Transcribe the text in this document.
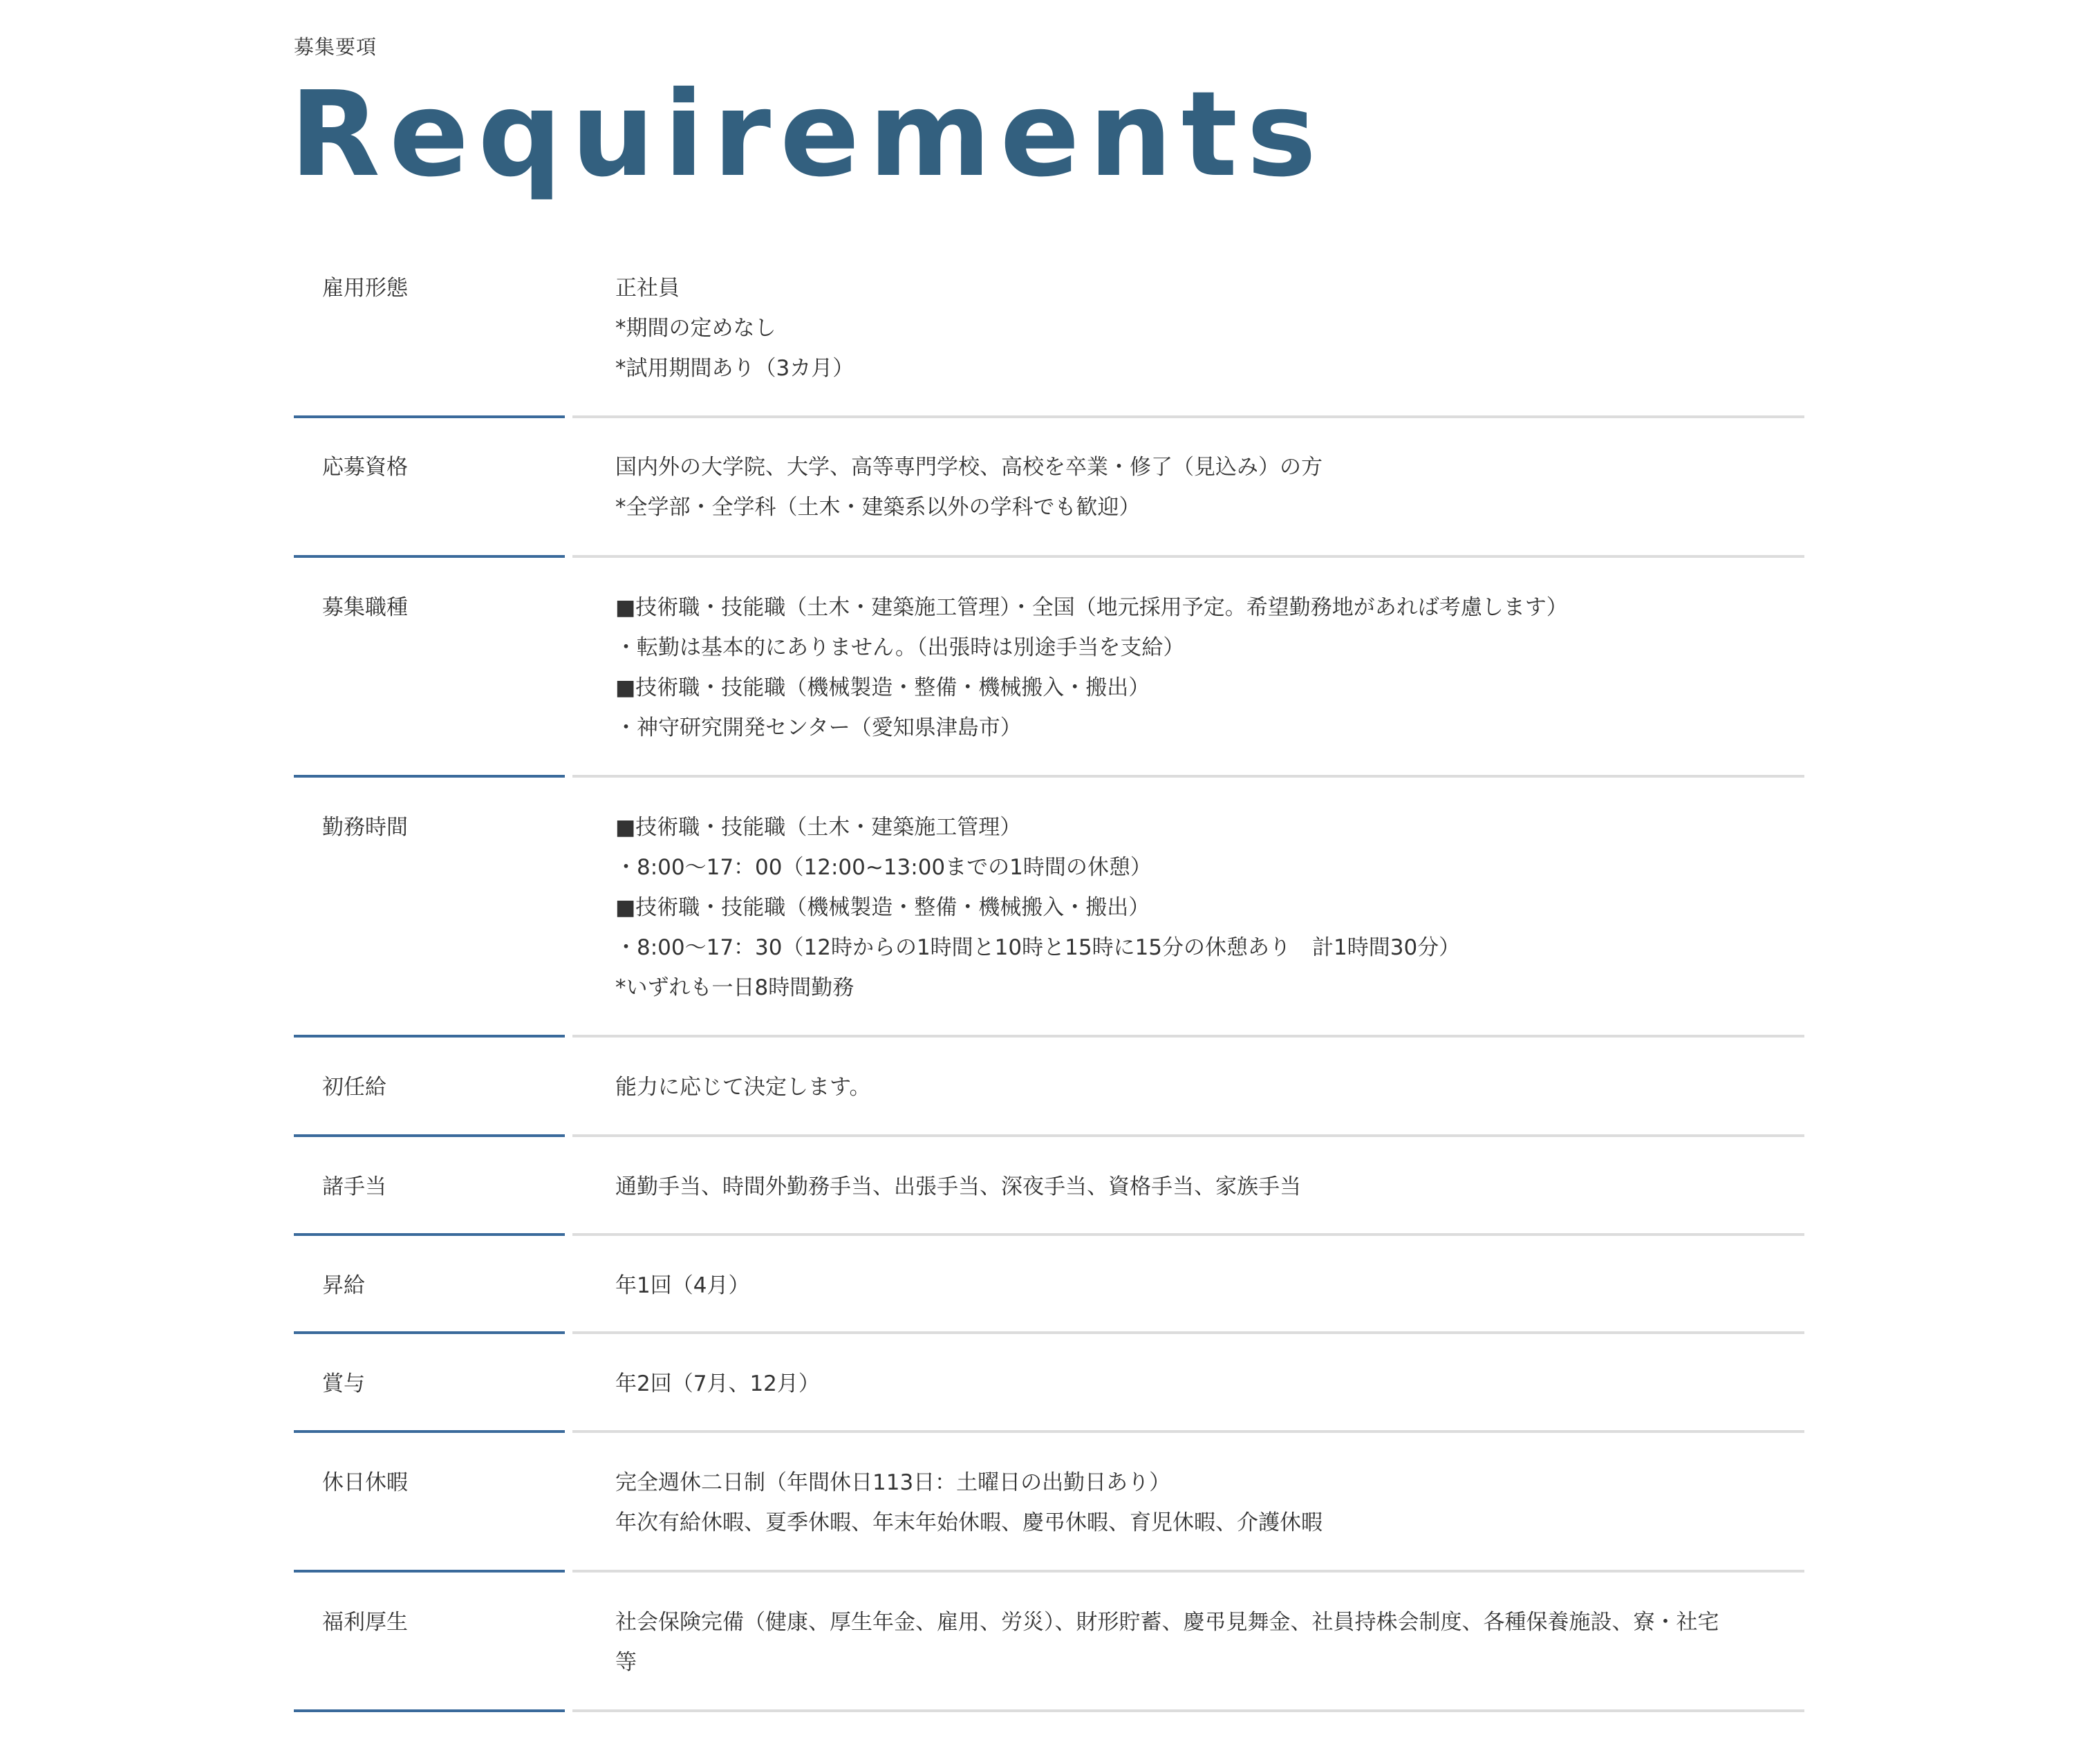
募集要項
Requirements
雇用形態	正社員
*期間の定めなし
*試用期間あり（3カ月）
応募資格	国内外の大学院、大学、高等専門学校、高校を卒業・修了（見込み）の方
*全学部・全学科（土木・建築系以外の学科でも歓迎）
募集職種	■技術職・技能職（土木・建築施工管理）・全国（地元採用予定。希望勤務地があれば考慮します）
・転勤は基本的にありません。（出張時は別途手当を支給）
■技術職・技能職（機械製造・整備・機械搬入・搬出）
・神守研究開発センター（愛知県津島市）
勤務時間	■技術職・技能職（土木・建築施工管理）
・8:00〜17：00（12:00~13:00までの1時間の休憩）
■技術職・技能職（機械製造・整備・機械搬入・搬出）
・8:00〜17：30（12時からの1時間と10時と15時に15分の休憩あり　計1時間30分）
*いずれも一日8時間勤務
初任給	能力に応じて決定します。
諸手当	通勤手当、時間外勤務手当、出張手当、深夜手当、資格手当、家族手当
昇給	年1回（4月）
賞与	年2回（7月、12月）
休日休暇	完全週休二日制（年間休日113日：土曜日の出勤日あり）
年次有給休暇、夏季休暇、年末年始休暇、慶弔休暇、育児休暇、介護休暇
福利厚生	社会保険完備（健康、厚生年金、雇用、労災）、財形貯蓄、慶弔見舞金、社員持株会制度、各種保養施設、寮・社宅
等
